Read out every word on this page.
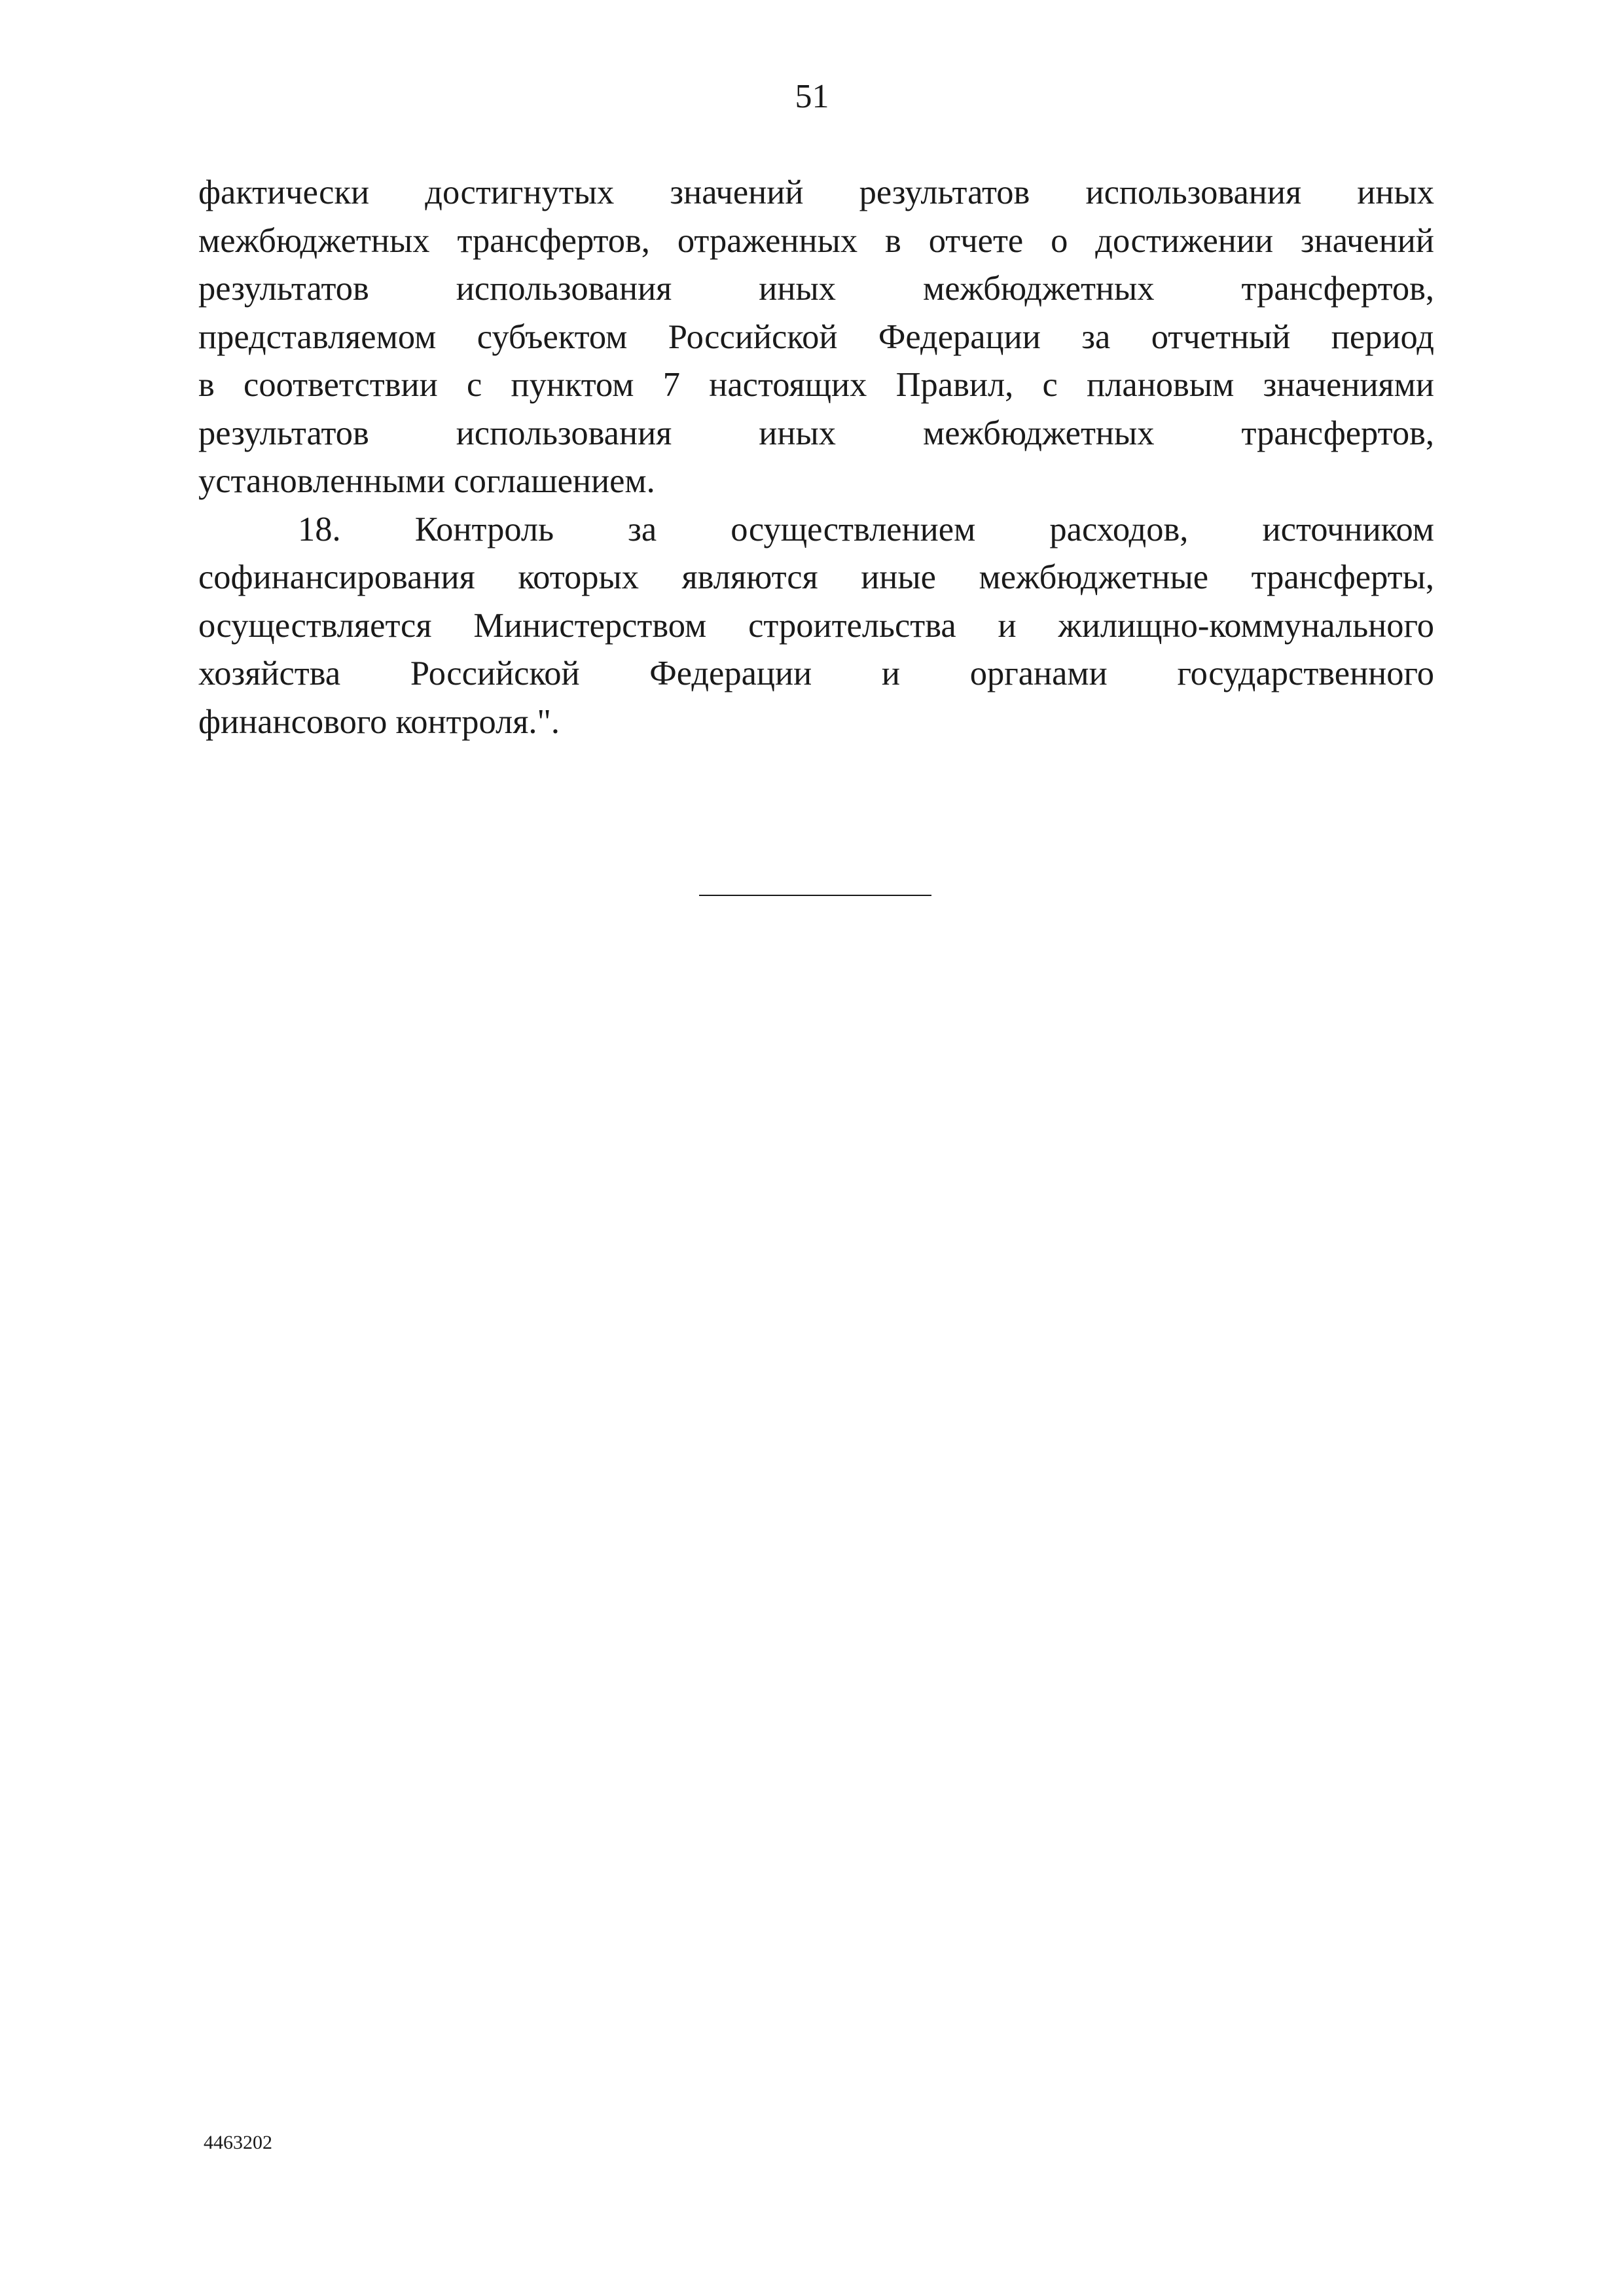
51
фактически достигнутых значений результатов использования иных
межбюджетных трансфертов, отраженных в отчете о достижении значений
результатов использования иных межбюджетных трансфертов,
представляемом субъектом Российской Федерации за отчетный период
в соответствии с пунктом 7 настоящих Правил, с плановым значениями
результатов использования иных межбюджетных трансфертов,
установленными соглашением.
18. Контроль за осуществлением расходов, источником
софинансирования которых являются иные межбюджетные трансферты,
осуществляется Министерством строительства и жилищно-коммунального
хозяйства Российской Федерации и органами государственного
финансового контроля.".
4463202
